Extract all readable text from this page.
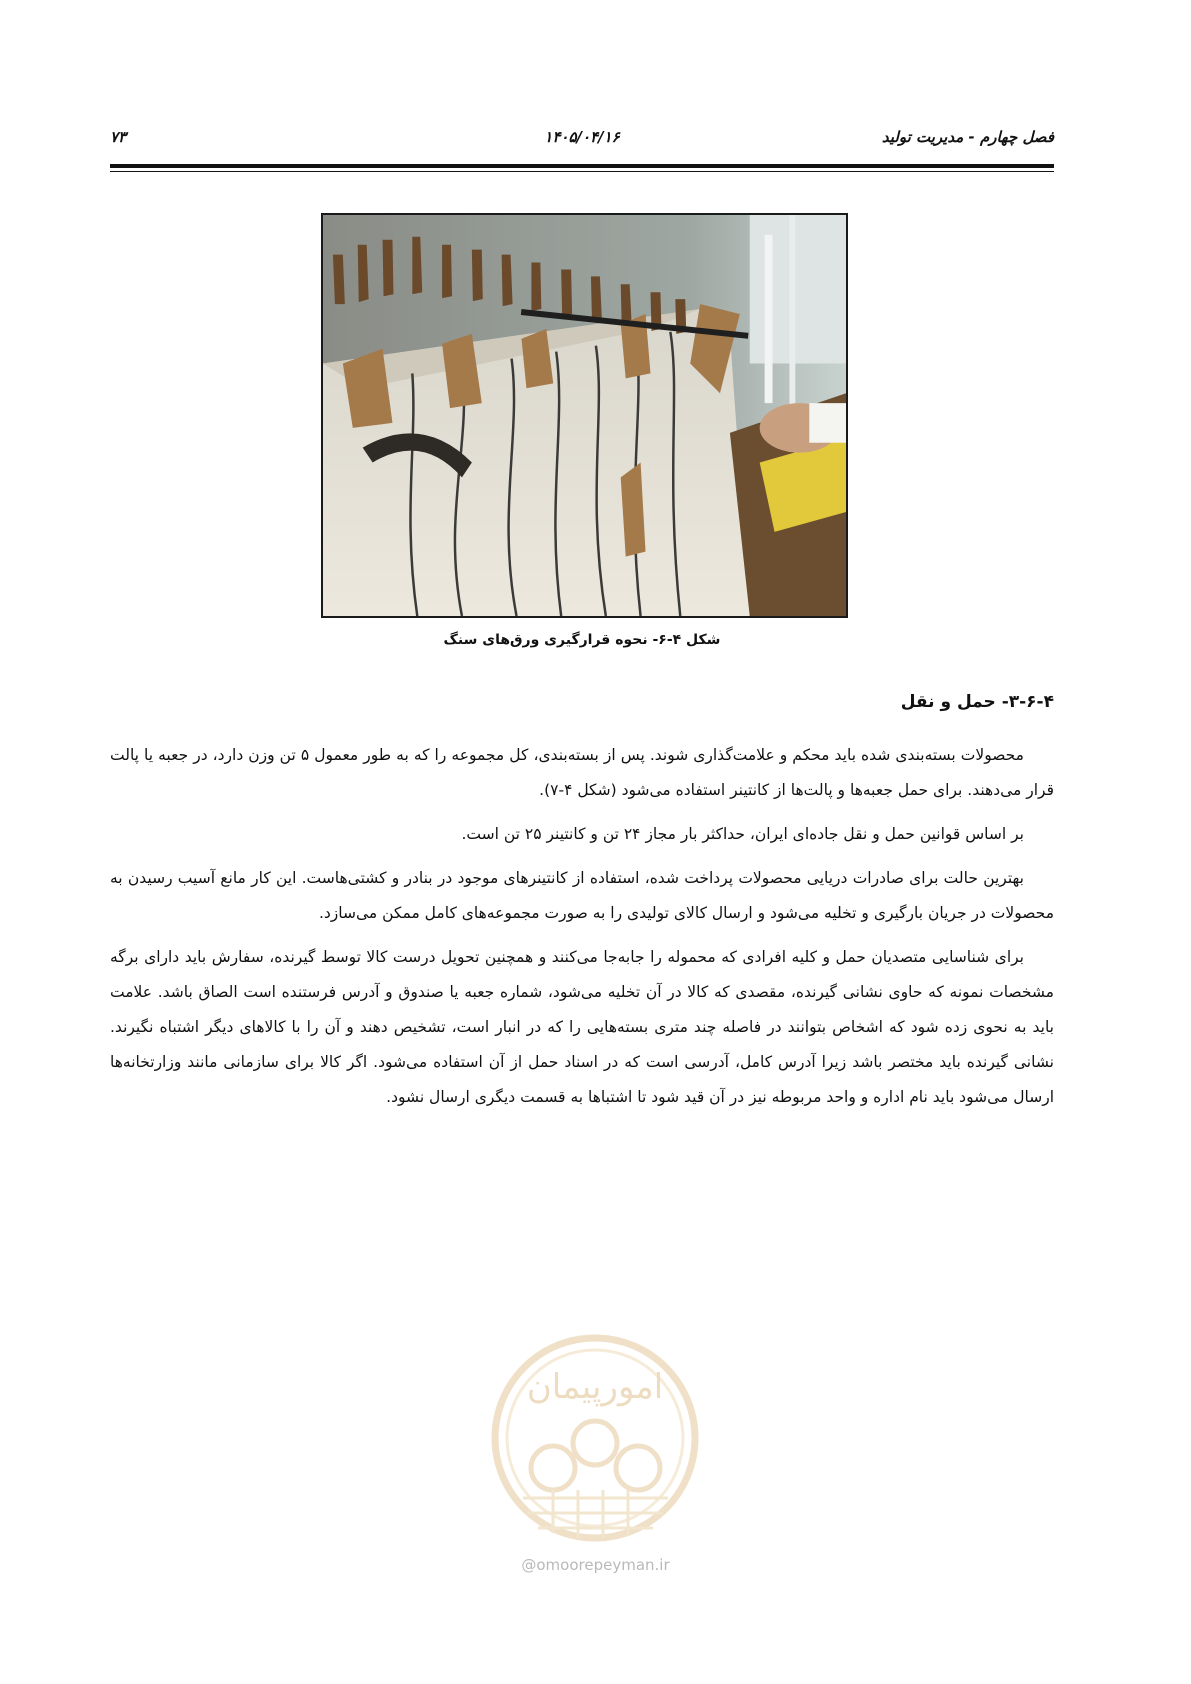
فصل چهارم - مدیریت تولید
۱۴۰۵/۰۴/۱۶
۷۳
شکل ۴-۶- نحوه قرارگیری ورق‌های سنگ
۳-۶-۴- حمل و نقل

محصولات بسته‌بندی شده باید محکم و علامت‌گذاری شوند. پس از بسته‌بندی، کل مجموعه را که به طور معمول ۵ تن وزن دارد، در جعبه یا پالت قرار می‌دهند. برای حمل جعبه‌ها و پالت‌ها از کانتینر استفاده می‌شود (شکل ۴-۷).

بر اساس قوانین حمل و نقل جاده‌ای ایران، حداکثر بار مجاز ۲۴ تن و کانتینر ۲۵ تن است.

بهترین حالت برای صادرات دریایی محصولات پرداخت شده، استفاده از کانتینرهای موجود در بنادر و کشتی‌هاست. این کار مانع آسیب رسیدن به محصولات در جریان بارگیری و تخلیه می‌شود و ارسال کالای تولیدی را به صورت مجموعه‌های کامل ممکن می‌سازد.

برای شناسایی متصدیان حمل و کلیه افرادی که محموله را جابه‌جا می‌کنند و همچنین تحویل درست کالا توسط گیرنده، سفارش باید دارای برگه مشخصات نمونه که حاوی نشانی گیرنده، مقصدی که کالا در آن تخلیه می‌شود، شماره جعبه یا صندوق و آدرس فرستنده است الصاق باشد. علامت باید به نحوی زده شود که اشخاص بتوانند در فاصله چند متری بسته‌هایی را که در انبار است، تشخیص دهند و آن را با کالاهای دیگر اشتباه نگیرند. نشانی گیرنده باید مختصر باشد زیرا آدرس کامل، آدرسی است که در اسناد حمل از آن استفاده می‌شود. اگر کالا برای سازمانی مانند وزارتخانه‌ها ارسال می‌شود باید نام اداره و واحد مربوطه نیز در آن قید شود تا اشتباها به قسمت دیگری ارسال نشود.

امورپیمان
@omoorepeyman.ir
